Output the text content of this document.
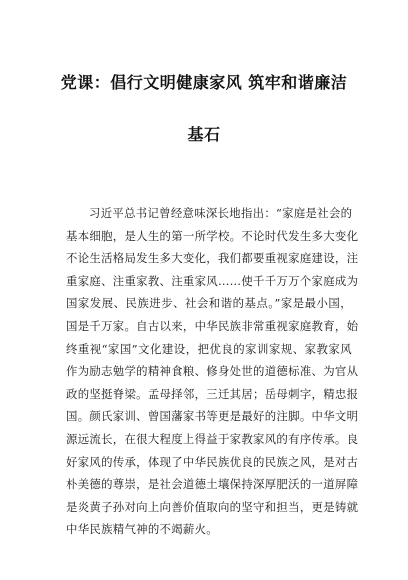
党课：倡行文明健康家风 筑牢和谐廉洁
基石
习近平总书记曾经意味深长地指出：“家庭是社会的
基本细胞，是人生的第一所学校。不论时代发生多大变化
不论生活格局发生多大变化，我们都要重视家庭建设，注
重家庭、注重家教、注重家风……使千千万万个家庭成为
国家发展、民族进步、社会和谐的基点。”家是最小国，
国是千万家。自古以来，中华民族非常重视家庭教育，始
终重视“家国”文化建设，把优良的家训家规、家教家风
作为励志勉学的精神食粮、修身处世的道德标准、为官从
政的坚挺脊梁。孟母择邻，三迁其居；岳母刺字，精忠报
国。颜氏家训、曾国藩家书等更是最好的注脚。中华文明
源远流长，在很大程度上得益于家教家风的有序传承。良
好家风的传承，体现了中华民族优良的民族之风，是对古
朴美德的尊崇，是社会道德土壤保持深厚肥沃的一道屏障
是炎黄子孙对向上向善价值取向的坚守和担当，更是铸就
中华民族精气神的不竭薪火。
